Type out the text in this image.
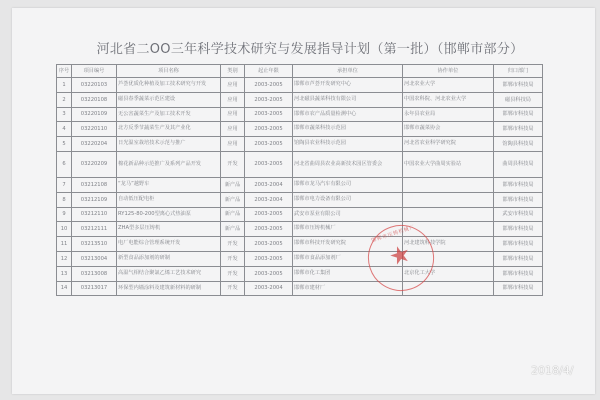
河北省二OO三年科学技术研究与发展指导计划（第一批）（邯郸市部分）
序号	项目编号	项目名称	类别	起止年限	承担单位	协作单位	归口部门
1	03220103	芦荟优质化种植及加工技术研究与开发	应用	2003-2005	邯郸市芦荟开发研究中心	河北农业大学	邯郸市科技局
2	03220108	磁县春季蔬菜示范区建设	应用	2003-2005	河北磁县蔬菜科技有限公司	中国农科院、河北农业大学	磁县科技局
3	03220109	无公害蔬菜生产及加工技术开发	应用	2003-2005	邯郸市农产品质量检测中心	永年县农业局	邯郸市科技局
4	03220110	北方反季节蔬菜生产及其产业化	应用	2003-2005	邯郸市蔬菜科技示范园	邯郸市蔬菜协会	邯郸市科技局
5	03220204	日光温室栽培技术示范与推广	应用	2003-2005	馆陶县农业科技示范园	河北省农业科学研究院	馆陶县科技局
6	03220209	棉花新品种示范推广及系列产品开发	开发	2003-2005	河北省曲周县农业高新技术园区管委会	中国农业大学曲周实验站	曲周县科技局
7	03212108	“龙马”越野车	新产品	2003-2004	邯郸市龙马汽车有限公司		邯郸市科技局
8	03212109	自动低压配电柜	新产品	2003-2004	邯郸市电力设备有限公司		邯郸市科技局
9	03212110	RY125-80-200型离心式热油泵	新产品	2003-2005	武安市泵业有限公司		武安市科技局
10	03212111	ZHA型多层压铸机	新产品	2003-2005	邯郸市压铸机械厂		邯郸市科技局
11	03213510	电厂电能综合管理系统开发	开发	2003-2005	邯郸市科技开发研究院	河北建筑科技学院	邯郸市科技局
12	03213004	新型食品添加剂的研制	开发	2003-2005	邯郸市食品添加剂厂		邯郸市科技局
13	03213008	高温气相结合聚氯乙烯工艺技术研究	开发	2003-2005	邯郸市化工集团	北京化工大学	邯郸市科技局
14	03213017	环保型内墙涂料及建筑新材料的研制	开发	2003-2004	邯郸市建材厂		邯郸市科技局
邯郸市压铸机械厂
★
2018/4/
